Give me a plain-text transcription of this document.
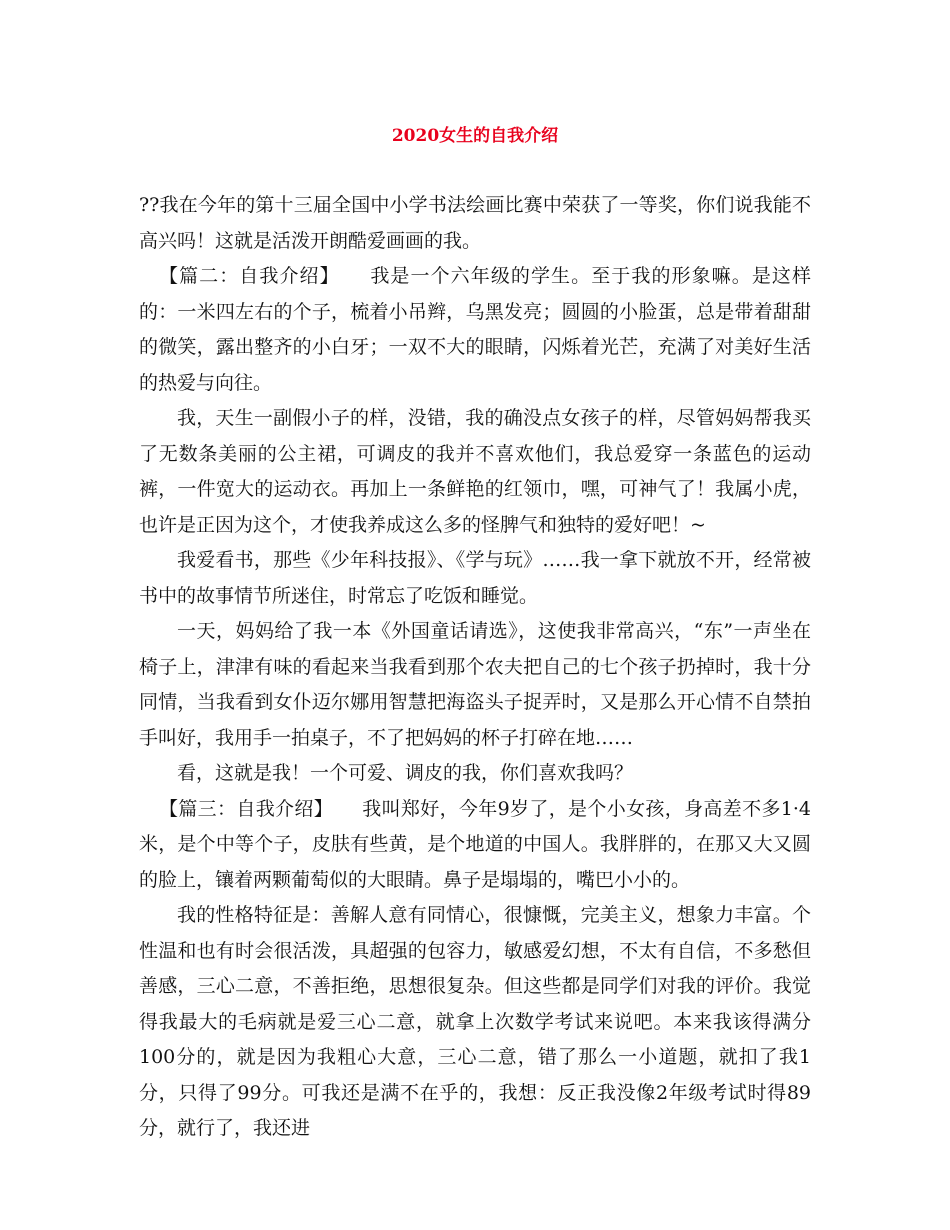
2020女生的自我介绍

??我在今年的第十三届全国中小学书法绘画比赛中荣获了一等奖，你们说我能不高兴吗！这就是活泼开朗酷爱画画的我。

【篇二：自我介绍】　　我是一个六年级的学生。至于我的形象嘛。是这样的：一米四左右的个子，梳着小吊辫，乌黑发亮；圆圆的小脸蛋，总是带着甜甜的微笑，露出整齐的小白牙；一双不大的眼睛，闪烁着光芒，充满了对美好生活的热爱与向往。

我，天生一副假小子的样，没错，我的确没点女孩子的样，尽管妈妈帮我买了无数条美丽的公主裙，可调皮的我并不喜欢他们，我总爱穿一条蓝色的运动裤，一件宽大的运动衣。再加上一条鲜艳的红领巾，嘿，可神气了！我属小虎，也许是正因为这个，才使我养成这么多的怪脾气和独特的爱好吧！~

我爱看书，那些《少年科技报》、《学与玩》……我一拿下就放不开，经常被书中的故事情节所迷住，时常忘了吃饭和睡觉。

一天，妈妈给了我一本《外国童话请选》，这使我非常高兴，“东”一声坐在椅子上，津津有味的看起来当我看到那个农夫把自己的七个孩子扔掉时，我十分同情，当我看到女仆迈尔娜用智慧把海盗头子捉弄时，又是那么开心情不自禁拍手叫好，我用手一拍桌子，不了把妈妈的杯子打碎在地……

看，这就是我！一个可爱、调皮的我，你们喜欢我吗？

【篇三：自我介绍】　　我叫郑好，今年9岁了，是个小女孩，身高差不多1·4米，是个中等个子，皮肤有些黄，是个地道的中国人。我胖胖的，在那又大又圆的脸上，镶着两颗葡萄似的大眼睛。鼻子是塌塌的，嘴巴小小的。

我的性格特征是：善解人意有同情心，很慷慨，完美主义，想象力丰富。个性温和也有时会很活泼，具超强的包容力，敏感爱幻想，不太有自信，不多愁但善感，三心二意，不善拒绝，思想很复杂。但这些都是同学们对我的评价。我觉得我最大的毛病就是爱三心二意，就拿上次数学考试来说吧。本来我该得满分100分的，就是因为我粗心大意，三心二意，错了那么一小道题，就扣了我1分，只得了99分。可我还是满不在乎的，我想：反正我没像2年级考试时得89分，就行了，我还进
